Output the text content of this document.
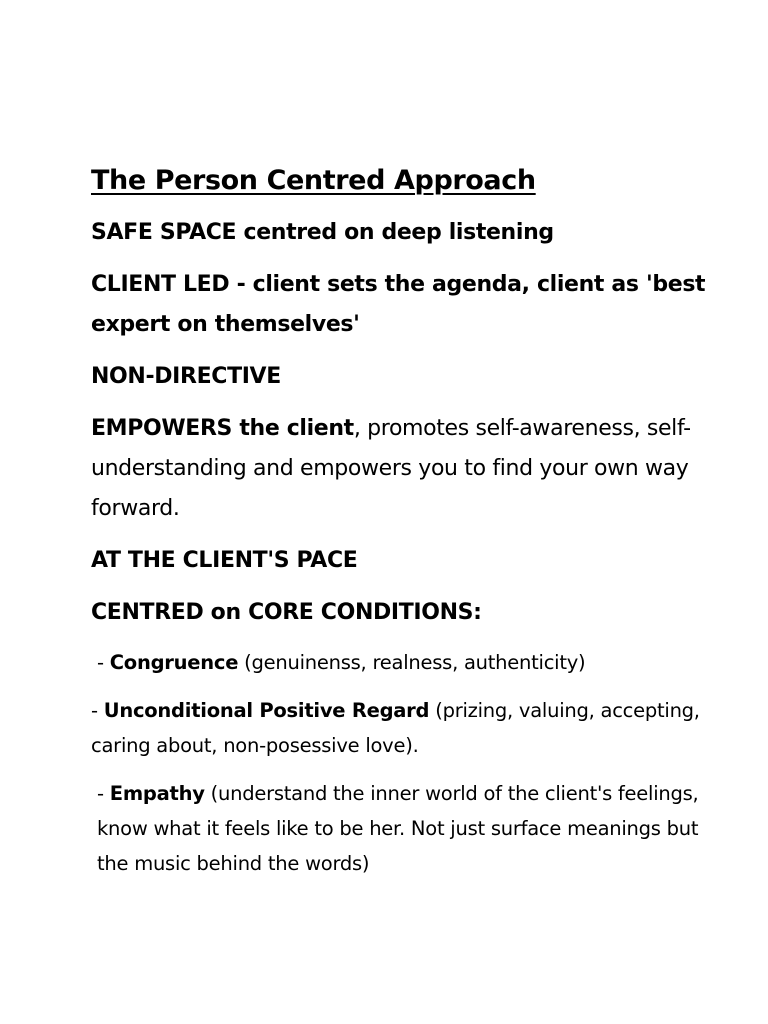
The Person Centred Approach

SAFE SPACE centred on deep listening

CLIENT LED - client sets the agenda, client as 'best expert on themselves'

NON-DIRECTIVE

EMPOWERS the client, promotes self-awareness, self-understanding and empowers you to find your own way forward.

AT THE CLIENT'S PACE

CENTRED on CORE CONDITIONS:

- Congruence (genuinenss, realness, authenticity)

- Unconditional Positive Regard (prizing, valuing, accepting, caring about, non-posessive love).

- Empathy (understand the inner world of the client's feelings, know what it feels like to be her. Not just surface meanings but the music behind the words)
